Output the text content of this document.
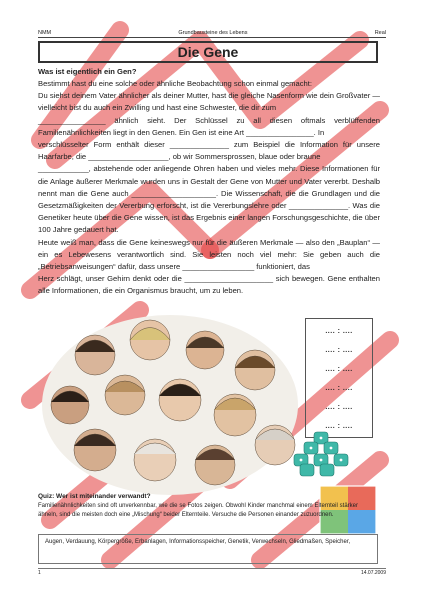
NMM	Grundbausteine des Lebens	Real
Die Gene
Was ist eigentlich ein Gen?
Bestimmt hast du eine solche oder ähnliche Beobachtung schon einmal gemacht:
Du siehst deinem Vater ähnlicher als deiner Mutter, hast die gleiche Nasenform wie dein Großvater — vielleicht bist du auch ein Zwilling und hast eine Schwester, die dir zum
________________ ähnlich sieht. Der Schlüssel zu all diesen oftmals verblüffenden Familienähnlichkeiten liegt in den Genen. Ein Gen ist eine Art ________________. In
verschlüsselter Form enthält dieser ______________ zum Beispiel die Information für unsere Haarfarbe, die ___________________, ob wir Sommersprossen, blaue oder braune
____________, abstehende oder anliegende Ohren haben und vieles mehr. Diese Informationen für die Anlage äußerer Merkmale wurden uns in Gestalt der Gene von Mutter und Vater vererbt. Deshalb nennt man die Gene auch ____________________. Die Wissenschaft, die die Grundlagen und die Gesetzmäßigkeiten der Vererbung erforscht, ist die Vererbungslehre oder ______________. Was die Genetiker heute über die Gene wissen, ist das Ergebnis einer langen Forschungsgeschichte, die über 100 Jahre gedauert hat.
Heute weiß man, dass die Gene keineswegs nur für die äußeren Merkmale — also den „Bauplan“ — ein es Lebewesens verantwortlich sind. Sie leisten noch viel mehr: Sie geben auch die „Betriebsanweisungen“ dafür, dass unsere _________________ funktioniert, das
Herz schlägt, unser Gehirn denkt oder die _____________________ sich bewegen. Gene enthalten alle Informationen, die ein Organismus braucht, um zu leben.
.... : ....
.... : ....
.... : ....
.... : ....
.... : ....
.... : ....
Quiz: Wer ist miteinander verwandt?
Familienähnlichkeiten sind oft unverkennbar, wie die se Fotos zeigen. Obwohl Kinder manchmal einem Elternteil stärker ähneln, sind die meisten doch eine „Mischung“ beider Elternteile. Versuche die Personen einander zuzuordnen.
Augen, Verdauung, Körpergröße, Erbanlagen, Informationsspeicher, Genetik, Verwechseln, Gliedmaßen, Speicher,
1	14.07.2009
